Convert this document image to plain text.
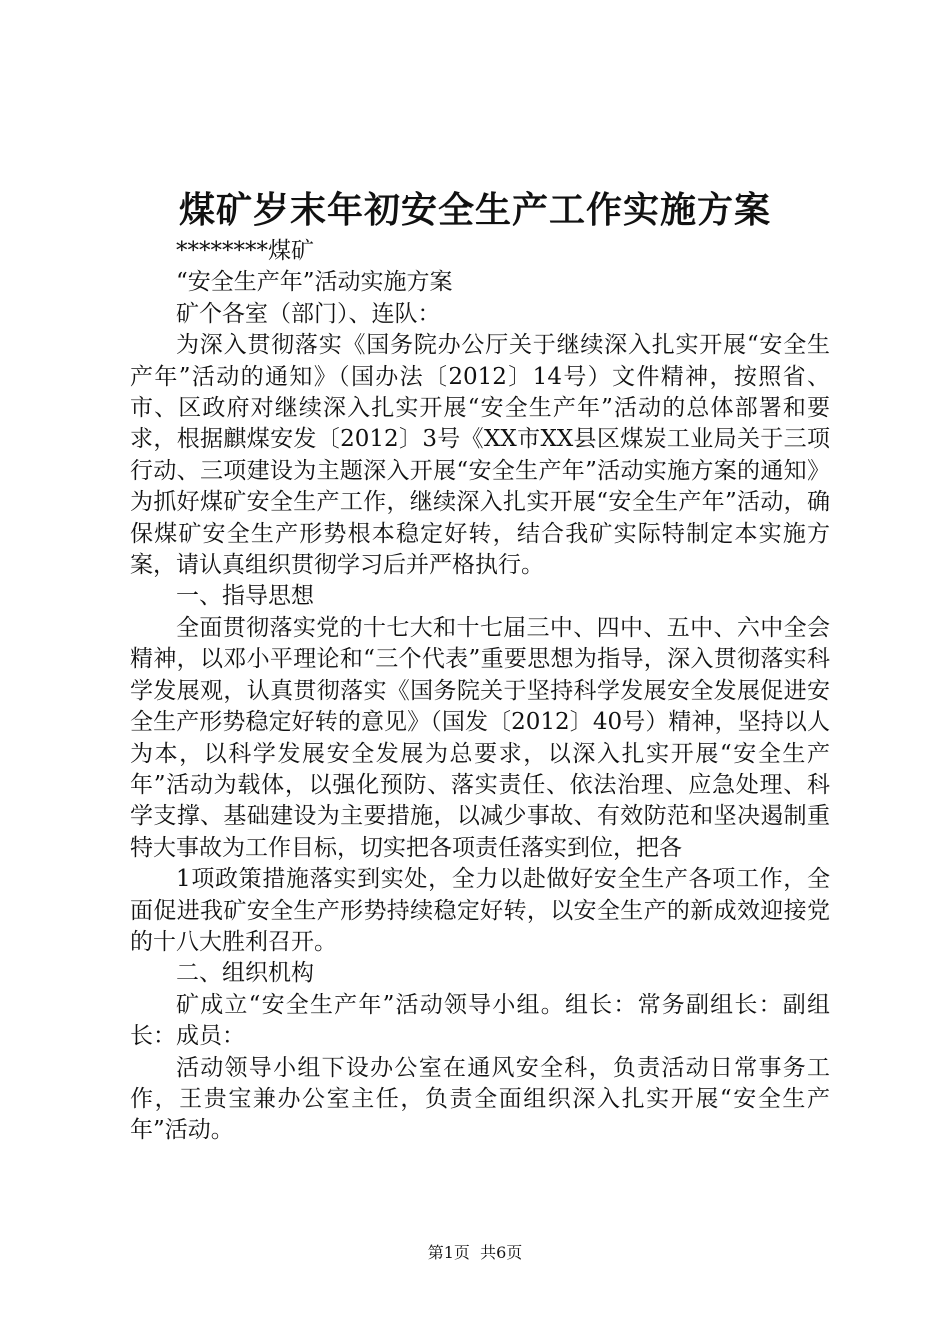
煤矿岁末年初安全生产工作实施方案

********煤矿

“安全生产年”活动实施方案

矿个各室（部门）、连队：

为深入贯彻落实《国务院办公厅关于继续深入扎实开展“安全生产年”活动的通知》（国办法〔2012〕14号）文件精神，按照省、市、区政府对继续深入扎实开展“安全生产年”活动的总体部署和要求，根据麒煤安发〔2012〕3号《XX市XX县区煤炭工业局关于三项行动、三项建设为主题深入开展“安全生产年”活动实施方案的通知》为抓好煤矿安全生产工作，继续深入扎实开展“安全生产年”活动，确保煤矿安全生产形势根本稳定好转，结合我矿实际特制定本实施方案，请认真组织贯彻学习后并严格执行。

一、指导思想

全面贯彻落实党的十七大和十七届三中、四中、五中、六中全会精神，以邓小平理论和“三个代表”重要思想为指导，深入贯彻落实科学发展观，认真贯彻落实《国务院关于坚持科学发展安全发展促进安全生产形势稳定好转的意见》（国发〔2012〕40号）精神，坚持以人为本，以科学发展安全发展为总要求，以深入扎实开展“安全生产年”活动为载体，以强化预防、落实责任、依法治理、应急处理、科学支撑、基础建设为主要措施，以减少事故、有效防范和坚决遏制重特大事故为工作目标，切实把各项责任落实到位，把各

1项政策措施落实到实处，全力以赴做好安全生产各项工作，全面促进我矿安全生产形势持续稳定好转，以安全生产的新成效迎接党的十八大胜利召开。

二、组织机构

矿成立“安全生产年”活动领导小组。组长：常务副组长：副组长：成员：

活动领导小组下设办公室在通风安全科，负责活动日常事务工作，王贵宝兼办公室主任，负责全面组织深入扎实开展“安全生产年”活动。

第1页 共6页
